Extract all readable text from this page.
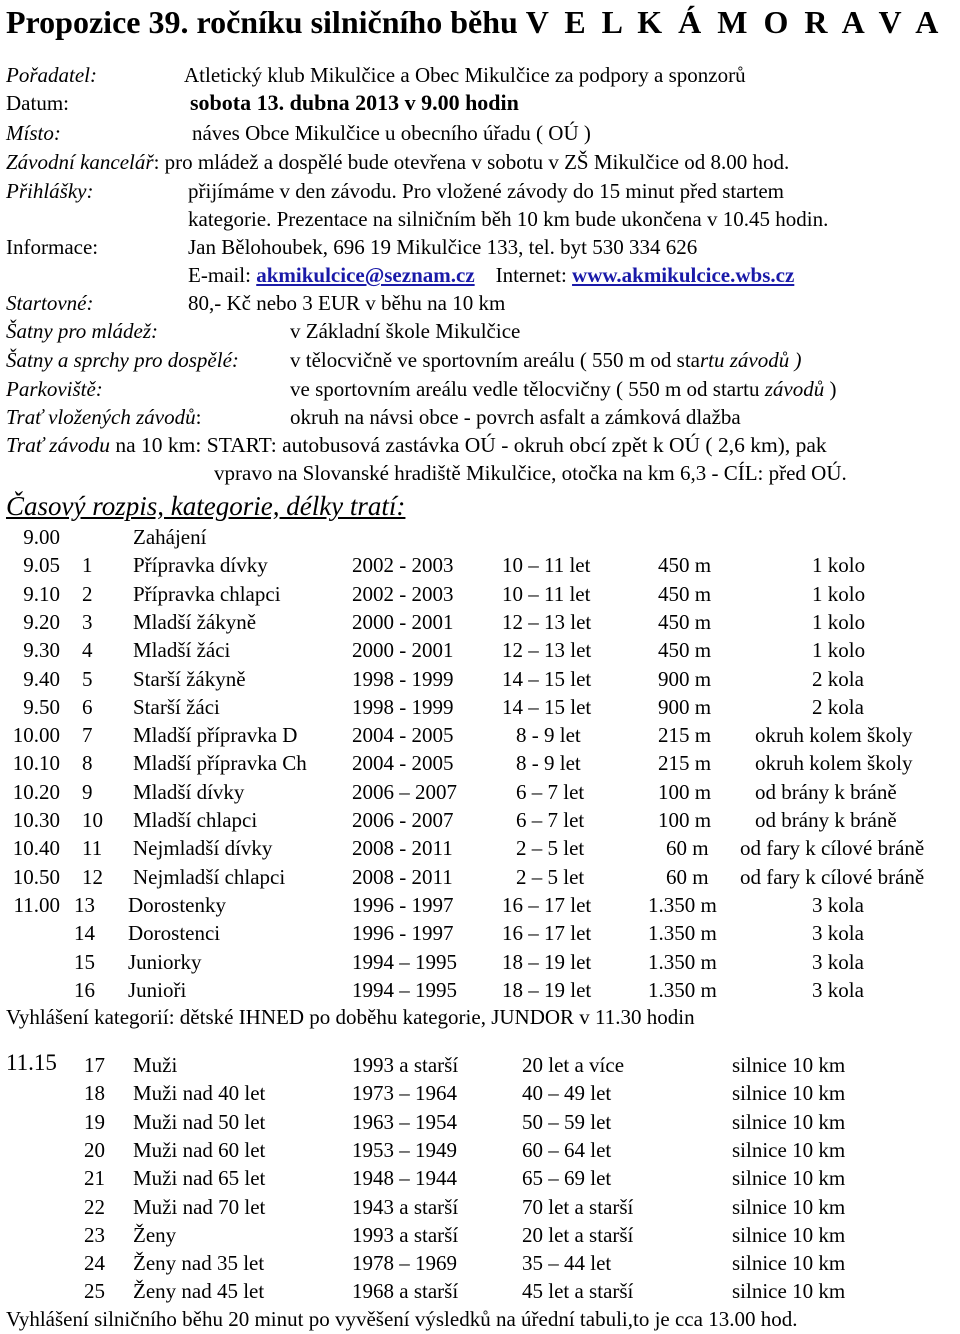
Propozice 39. ročníku silničního běhu V E L K Á M O R A V A
Pořadatel:	Atletický klub Mikulčice a Obec Mikulčice za podpory a sponzorů
Datum:	sobota 13. dubna 2013 v 9.00 hodin
Místo:	náves Obce Mikulčice u obecního úřadu ( OÚ )
Závodní kancelář: pro mládež a dospělé bude otevřena v sobotu v ZŠ Mikulčice od 8.00 hod.
Přihlášky:	přijímáme v den závodu. Pro vložené závody do 15 minut před startem
kategorie. Prezentace na silničním běh 10 km bude ukončena v 10.45 hodin.
Informace:	Jan Bělohoubek, 696 19 Mikulčice 133, tel. byt 530 334 626
E-mail: akmikulcice@seznam.cz Internet: www.akmikulcice.wbs.cz
Startovné:	80,- Kč nebo 3 EUR v běhu na 10 km
Šatny pro mládež:	v Základní škole Mikulčice
Šatny a sprchy pro dospělé: v tělocvičně ve sportovním areálu ( 550 m od startu závodů )
Parkoviště:	ve sportovním areálu vedle tělocvičny ( 550 m od startu závodů )
Trať vložených závodů:	okruh na návsi obce - povrch asfalt a zámková dlažba
Trať závodu na 10 km: START: autobusová zastávka OÚ - okruh obcí zpět k OÚ ( 2,6 km), pak
vpravo na Slovanské hradiště Mikulčice, otočka na km 6,3 - CÍL: před OÚ.
Časový rozpis, kategorie, délky tratí:
9.00	Zahájení
9.05 1 Přípravka dívky	2002 - 2003 10 – 11 let	450 m	1 kolo
9.10 2 Přípravka chlapci	2002 - 2003 10 – 11 let	450 m	1 kolo
9.20 3 Mladší žákyně	2000 - 2001 12 – 13 let	450 m	1 kolo
9.30 4 Mladší žáci	2000 - 2001 12 – 13 let	450 m	1 kolo
9.40 5 Starší žákyně	1998 - 1999 14 – 15 let	900 m	2 kola
9.50 6 Starší žáci	1998 - 1999 14 – 15 let	900 m	2 kola
10.00 7 Mladší přípravka D	2004 - 2005	8 - 9 let	215 m okruh kolem školy
10.10 8 Mladší přípravka Ch 2004 - 2005	8 - 9 let	215 m okruh kolem školy
10.20 9 Mladší dívky	2006 – 2007	6 – 7 let	100 m od brány k bráně
10.30 10 Mladší chlapci	2006 - 2007	6 – 7 let	100 m od brány k bráně
10.40 11 Nejmladší dívky	2008 - 2011	2 – 5 let	60 m od fary k cílové bráně
10.50 12 Nejmladší chlapci	2008 - 2011	2 – 5 let	60 m od fary k cílové bráně
11.00 13 Dorostenky	1996 - 1997 16 – 17 let	1.350 m	3 kola
14 Dorostenci	1996 - 1997 16 – 17 let	1.350 m	3 kola
15 Juniorky	1994 – 1995 18 – 19 let	1.350 m	3 kola
16 Junioři	1994 – 1995 18 – 19 let	1.350 m	3 kola
Vyhlášení kategorií: dětské IHNED po doběhu kategorie, JUNDOR v 11.30 hodin
11.15 17 Muži	1993 a starší	20 let a více	silnice 10 km
18 Muži nad 40 let	1973 – 1964	40 – 49 let	silnice 10 km
19 Muži nad 50 let	1963 – 1954	50 – 59 let	silnice 10 km
20 Muži nad 60 let	1953 – 1949	60 – 64 let	silnice 10 km
21 Muži nad 65 let	1948 – 1944	65 – 69 let	silnice 10 km
22 Muži nad 70 let	1943 a starší	70 let a starší	silnice 10 km
23 Ženy	1993 a starší	20 let a starší	silnice 10 km
24 Ženy nad 35 let	1978 – 1969	35 – 44 let	silnice 10 km
25 Ženy nad 45 let	1968 a starší	45 let a starší	silnice 10 km
Vyhlášení silničního běhu 20 minut po vyvěšení výsledků na úřední tabuli,to je cca 13.00 hod.
